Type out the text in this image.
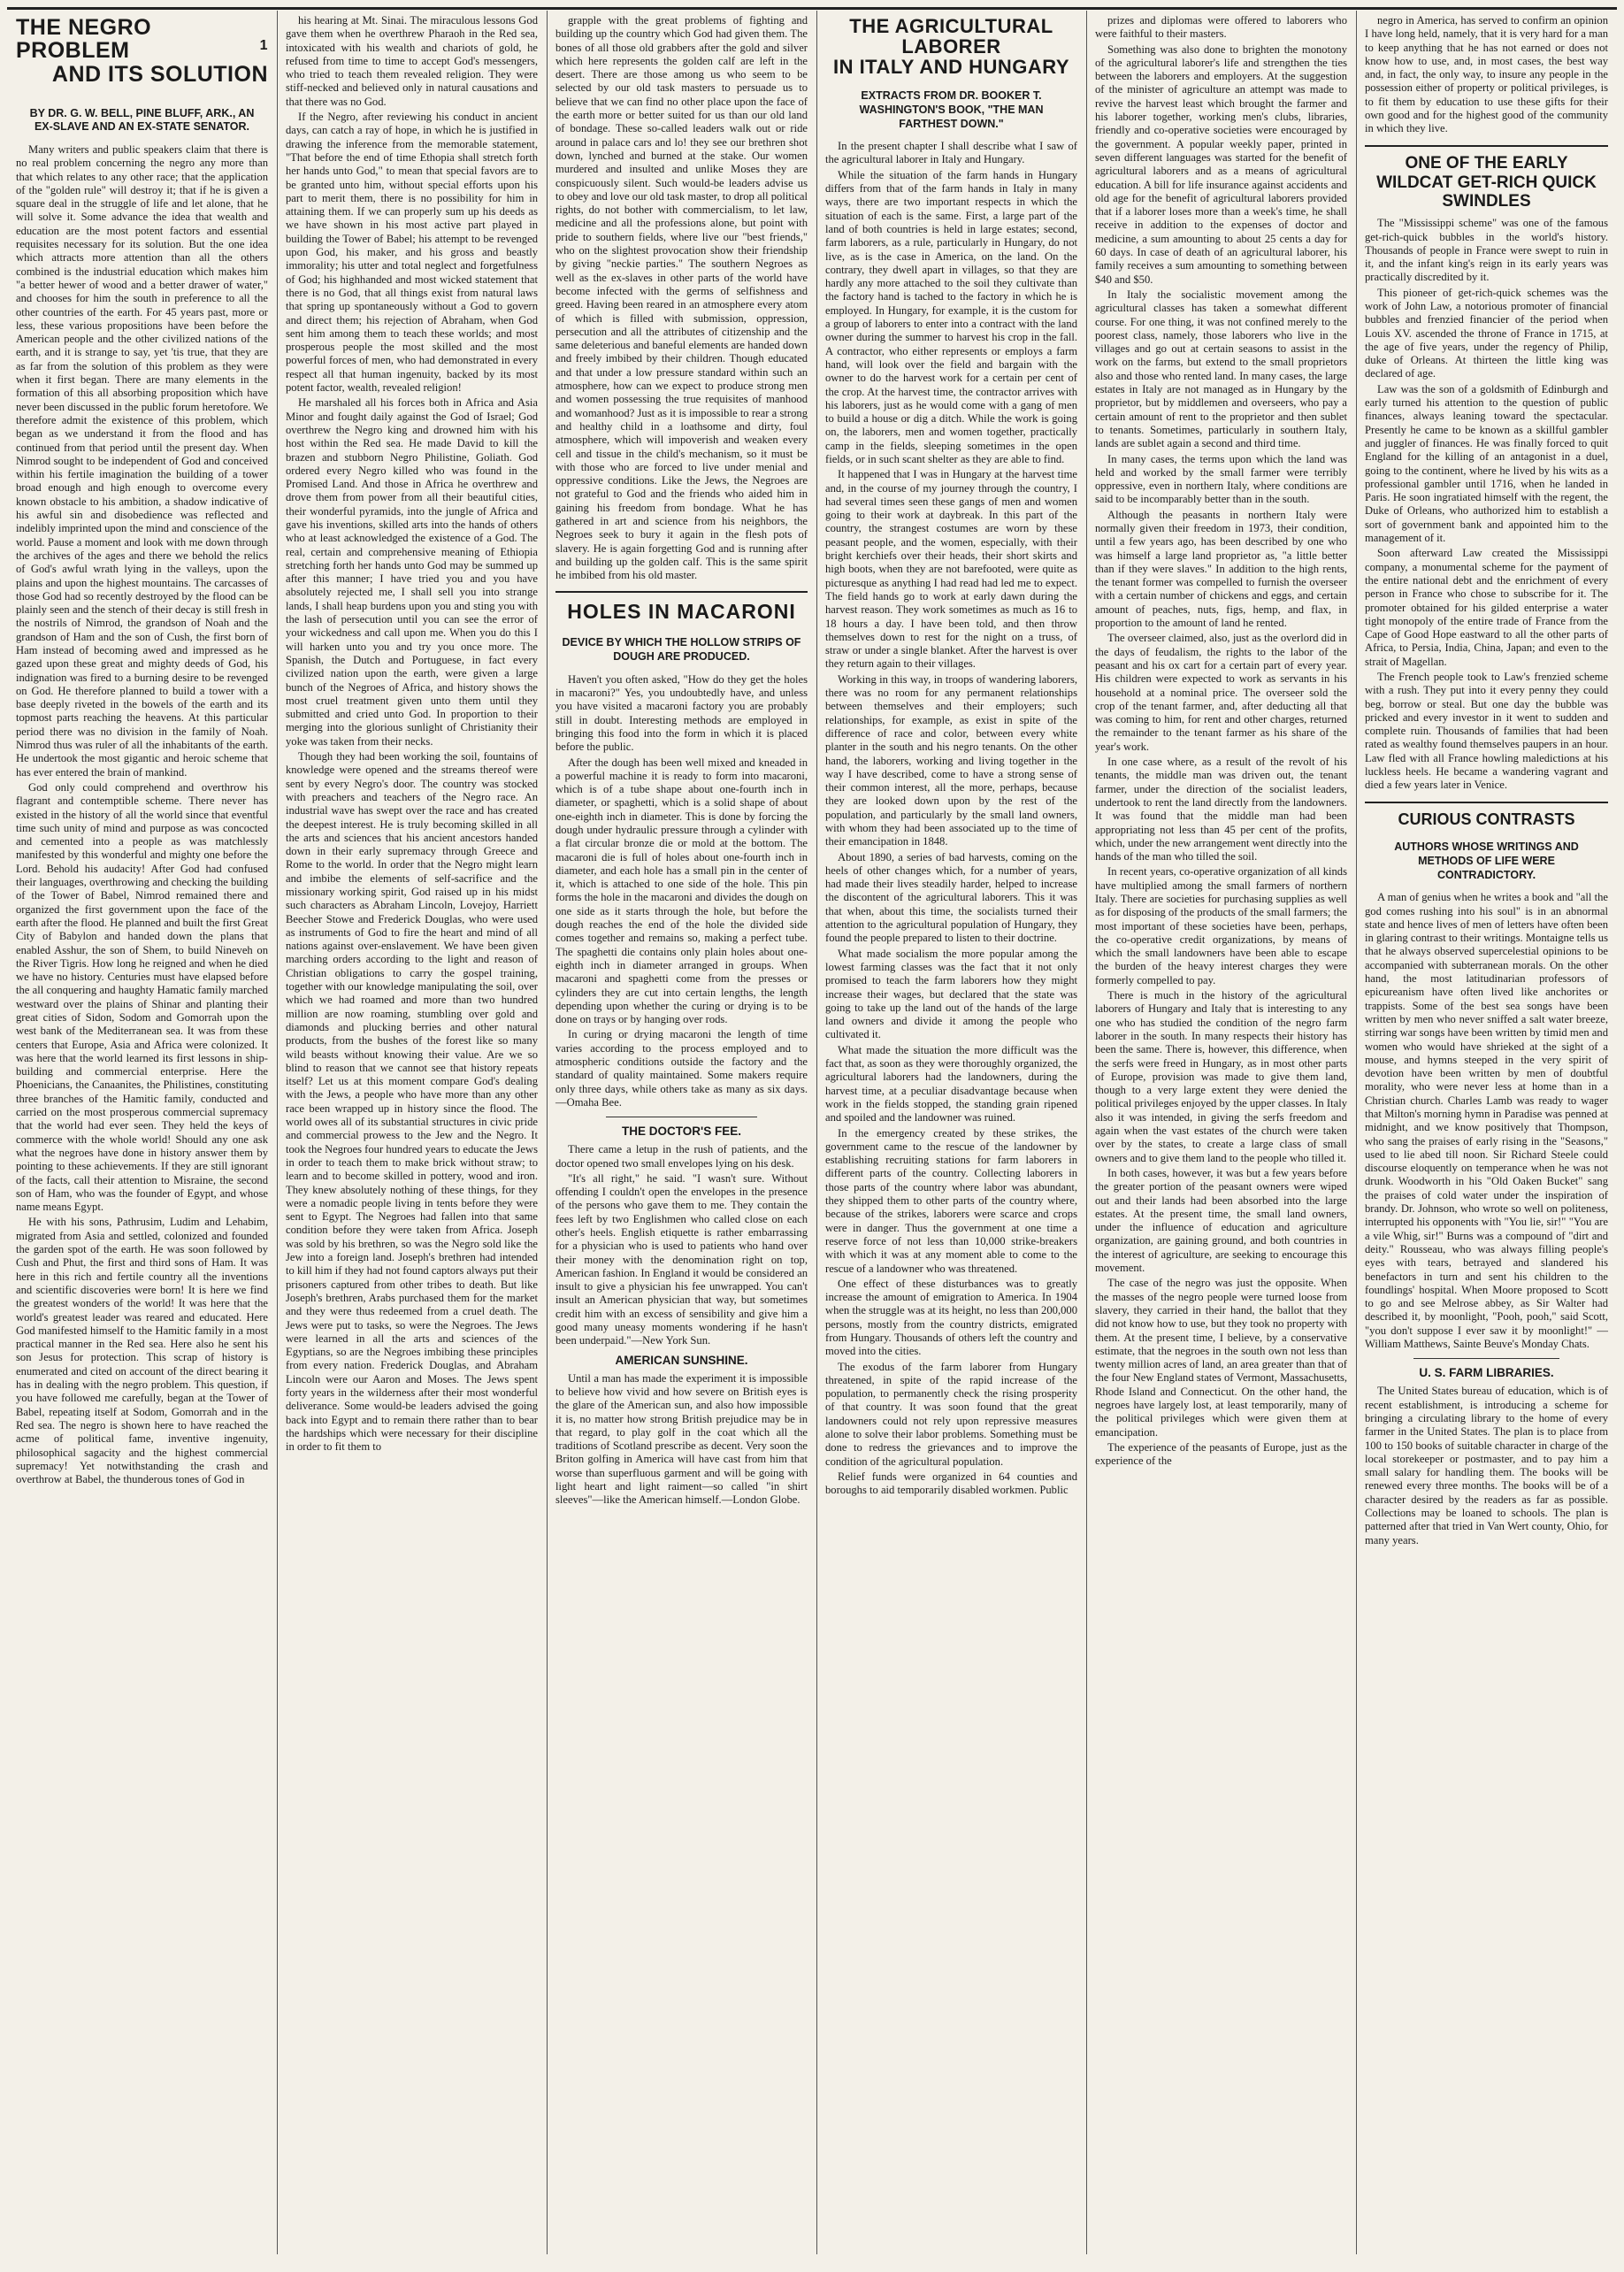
THE NEGRO PROBLEM	1
AND ITS SOLUTION
BY DR. G. W. BELL, PINE BLUFF, ARK., AN EX-SLAVE AND AN EX-STATE SENATOR.

Many writers and public speakers claim that there is no real problem concerning the negro any more than that which relates to any other race; that the application of the "golden rule" will destroy it; that if he is given a square deal in the struggle of life and let alone, that he will solve it. Some advance the idea that wealth and education are the most potent factors and essential requisites necessary for its solution. But the one idea which attracts more attention than all the others combined is the industrial education which makes him "a better hewer of wood and a better drawer of water," and chooses for him the south in preference to all the other countries of the earth. For 45 years past, more or less, these various propositions have been before the American people and the other civilized nations of the earth, and it is strange to say, yet 'tis true, that they are as far from the solution of this problem as they were when it first began. There are many elements in the formation of this all absorbing proposition which have never been discussed in the public forum heretofore. We therefore admit the existence of this problem, which began as we understand it from the flood and has continued from that period until the present day. When Nimrod sought to be independent of God and conceived within his fertile imagination the building of a tower broad enough and high enough to overcome every known obstacle to his ambition, a shadow indicative of his awful sin and disobedience was reflected and indelibly imprinted upon the mind and conscience of the world. Pause a moment and look with me down through the archives of the ages and there we behold the relics of God's awful wrath lying in the valleys, upon the plains and upon the highest mountains. The carcasses of those God had so recently destroyed by the flood can be plainly seen and the stench of their decay is still fresh in the nostrils of Nimrod, the grandson of Noah and the grandson of Ham and the son of Cush, the first born of Ham instead of becoming awed and impressed as he gazed upon these great and mighty deeds of God, his indignation was fired to a burning desire to be revenged on God. He therefore planned to build a tower with a base deeply riveted in the bowels of the earth and its topmost parts reaching the heavens. At this particular period there was no division in the family of Noah. Nimrod thus was ruler of all the inhabitants of the earth. He undertook the most gigantic and heroic scheme that has ever entered the brain of mankind.

God only could comprehend and overthrow his flagrant and contemptible scheme. There never has existed in the history of all the world since that eventful time such unity of mind and purpose as was concocted and cemented into a people as was matchlessly manifested by this wonderful and mighty one before the Lord. Behold his audacity! After God had confused their languages, overthrowing and checking the building of the Tower of Babel, Nimrod remained there and organized the first government upon the face of the earth after the flood. He planned and built the first Great City of Babylon and handed down the plans that enabled Asshur, the son of Shem, to build Nineveh on the River Tigris. How long he reigned and when he died we have no history. Centuries must have elapsed before the all conquering and haughty Hamatic family marched westward over the plains of Shinar and planting their great cities of Sidon, Sodom and Gomorrah upon the west bank of the Mediterranean sea. It was from these centers that Europe, Asia and Africa were colonized. It was here that the world learned its first lessons in ship-building and commercial enterprise. Here the Phoenicians, the Canaanites, the Philistines, constituting three branches of the Hamitic family, conducted and carried on the most prosperous commercial supremacy that the world had ever seen. They held the keys of commerce with the whole world! Should any one ask what the negroes have done in history answer them by pointing to these achievements. If they are still ignorant of the facts, call their attention to Misraine, the second son of Ham, who was the founder of Egypt, and whose name means Egypt.

He with his sons, Pathrusim, Ludim and Lehabim, migrated from Asia and settled, colonized and founded the garden spot of the earth. He was soon followed by Cush and Phut, the first and third sons of Ham. It was here in this rich and fertile country all the inventions and scientific discoveries were born! It is here we find the greatest wonders of the world! It was here that the world's greatest leader was reared and educated. Here God manifested himself to the Hamitic family in a most practical manner in the Red sea. Here also he sent his son Jesus for protection. This scrap of history is enumerated and cited on account of the direct bearing it has in dealing with the negro problem. This question, if you have followed me carefully, began at the Tower of Babel, repeating itself at Sodom, Gomorrah and in the Red sea. The negro is shown here to have reached the acme of political fame, inventive ingenuity, philosophical sagacity and the highest commercial supremacy! Yet notwithstanding the crash and overthrow at Babel, the thunderous tones of God in

his hearing at Mt. Sinai. The miraculous lessons God gave them when he overthrew Pharaoh in the Red sea, intoxicated with his wealth and chariots of gold, he refused from time to time to accept God's messengers, who tried to teach them revealed religion. They were stiff-necked and believed only in natural causations and that there was no God.

If the Negro, after reviewing his conduct in ancient days, can catch a ray of hope, in which he is justified in drawing the inference from the memorable statement, "That before the end of time Ethopia shall stretch forth her hands unto God," to mean that special favors are to be granted unto him, without special efforts upon his part to merit them, there is no possibility for him in attaining them. If we can properly sum up his deeds as we have shown in his most active part played in building the Tower of Babel; his attempt to be revenged upon God, his maker, and his gross and beastly immorality; his utter and total neglect and forgetfulness of God; his highhanded and most wicked statement that there is no God, that all things exist from natural laws that spring up spontaneously without a God to govern and direct them; his rejection of Abraham, when God sent him among them to teach these worlds; and most prosperous people the most skilled and the most powerful forces of men, who had demonstrated in every respect all that human ingenuity, backed by its most potent factor, wealth, revealed religion!

He marshaled all his forces both in Africa and Asia Minor and fought daily against the God of Israel; God overthrew the Negro king and drowned him with his host within the Red sea. He made David to kill the brazen and stubborn Negro Philistine, Goliath. God ordered every Negro killed who was found in the Promised Land. And those in Africa he overthrew and drove them from power from all their beautiful cities, their wonderful pyramids, into the jungle of Africa and gave his inventions, skilled arts into the hands of others who at least acknowledged the existence of a God. The real, certain and comprehensive meaning of Ethiopia stretching forth her hands unto God may be summed up after this manner; I have tried you and you have absolutely rejected me, I shall sell you into strange lands, I shall heap burdens upon you and sting you with the lash of persecution until you can see the error of your wickedness and call upon me. When you do this I will harken unto you and try you once more. The Spanish, the Dutch and Portuguese, in fact every civilized nation upon the earth, were given a large bunch of the Negroes of Africa, and history shows the most cruel treatment given unto them until they submitted and cried unto God. In proportion to their merging into the glorious sunlight of Christianity their yoke was taken from their necks.

Though they had been working the soil, fountains of knowledge were opened and the streams thereof were sent by every Negro's door. The country was stocked with preachers and teachers of the Negro race. An industrial wave has swept over the race and has created the deepest interest. He is truly becoming skilled in all the arts and sciences that his ancient ancestors handed down in their early supremacy through Greece and Rome to the world. In order that the Negro might learn and imbibe the elements of self-sacrifice and the missionary working spirit, God raised up in his midst such characters as Abraham Lincoln, Lovejoy, Harriett Beecher Stowe and Frederick Douglas, who were used as instruments of God to fire the heart and mind of all nations against over-enslavement. We have been given marching orders according to the light and reason of Christian obligations to carry the gospel training, together with our knowledge manipulating the soil, over which we had roamed and more than two hundred million are now roaming, stumbling over gold and diamonds and plucking berries and other natural products, from the bushes of the forest like so many wild beasts without knowing their value. Are we so blind to reason that we cannot see that history repeats itself? Let us at this moment compare God's dealing with the Jews, a people who have more than any other race been wrapped up in history since the flood. The world owes all of its substantial structures in civic pride and commercial prowess to the Jew and the Negro. It took the Negroes four hundred years to educate the Jews in order to teach them to make brick without straw; to learn and to become skilled in pottery, wood and iron. They knew absolutely nothing of these things, for they were a nomadic people living in tents before they were sent to Egypt. The Negroes had fallen into that same condition before they were taken from Africa. Joseph was sold by his brethren, so was the Negro sold like the Jew into a foreign land. Joseph's brethren had intended to kill him if they had not found captors always put their prisoners captured from other tribes to death. But like Joseph's brethren, Arabs purchased them for the market and they were thus redeemed from a cruel death. The Jews were put to tasks, so were the Negroes. The Jews were learned in all the arts and sciences of the Egyptians, so are the Negroes imbibing these principles from every nation. Frederick Douglas, and Abraham Lincoln were our Aaron and Moses. The Jews spent forty years in the wilderness after their most wonderful deliverance. Some would-be leaders advised the going back into Egypt and to remain there rather than to bear the hardships which were necessary for their discipline in order to fit them to

grapple with the great problems of fighting and building up the country which God had given them. The bones of all those old grabbers after the gold and silver which here represents the golden calf are left in the desert. There are those among us who seem to be selected by our old task masters to persuade us to believe that we can find no other place upon the face of the earth more or better suited for us than our old land of bondage. These so-called leaders walk out or ride around in palace cars and lo! they see our brethren shot down, lynched and burned at the stake. Our women murdered and insulted and unlike Moses they are conspicuously silent. Such would-be leaders advise us to obey and love our old task master, to drop all political rights, do not bother with commercialism, to let law, medicine and all the professions alone, but point with pride to southern fields, where live our "best friends," who on the slightest provocation show their friendship by giving "neckie parties." The southern Negroes as well as the ex-slaves in other parts of the world have become infected with the germs of selfishness and greed. Having been reared in an atmosphere every atom of which is filled with submission, oppression, persecution and all the attributes of citizenship and the same deleterious and baneful elements are handed down and freely imbibed by their children. Though educated and that under a low pressure standard within such an atmosphere, how can we expect to produce strong men and women possessing the true requisites of manhood and womanhood? Just as it is impossible to rear a strong and healthy child in a loathsome and dirty, foul atmosphere, which will impoverish and weaken every cell and tissue in the child's mechanism, so it must be with those who are forced to live under menial and oppressive conditions. Like the Jews, the Negroes are not grateful to God and the friends who aided him in gaining his freedom from bondage. What he has gathered in art and science from his neighbors, the Negroes seek to bury it again in the flesh pots of slavery. He is again forgetting God and is running after and building up the golden calf. This is the same spirit he imbibed from his old master.

HOLES IN MACARONI
DEVICE BY WHICH THE HOLLOW STRIPS OF DOUGH ARE PRODUCED.

Haven't you often asked, "How do they get the holes in macaroni?" Yes, you undoubtedly have, and unless you have visited a macaroni factory you are probably still in doubt. Interesting methods are employed in bringing this food into the form in which it is placed before the public.

After the dough has been well mixed and kneaded in a powerful machine it is ready to form into macaroni, which is of a tube shape about one-fourth inch in diameter, or spaghetti, which is a solid shape of about one-eighth inch in diameter. This is done by forcing the dough under hydraulic pressure through a cylinder with a flat circular bronze die or mold at the bottom. The macaroni die is full of holes about one-fourth inch in diameter, and each hole has a small pin in the center of it, which is attached to one side of the hole. This pin forms the hole in the macaroni and divides the dough on one side as it starts through the hole, but before the dough reaches the end of the hole the divided side comes together and remains so, making a perfect tube. The spaghetti die contains only plain holes about one-eighth inch in diameter arranged in groups. When macaroni and spaghetti come from the presses or cylinders they are cut into certain lengths, the length depending upon whether the curing or drying is to be done on trays or by hanging over rods.

In curing or drying macaroni the length of time varies according to the process employed and to atmospheric conditions outside the factory and the standard of quality maintained. Some makers require only three days, while others take as many as six days.—Omaha Bee.

THE DOCTOR'S FEE.

There came a letup in the rush of patients, and the doctor opened two small envelopes lying on his desk.

"It's all right," he said. "I wasn't sure. Without offending I couldn't open the envelopes in the presence of the persons who gave them to me. They contain the fees left by two Englishmen who called close on each other's heels. English etiquette is rather embarrassing for a physician who is used to patients who hand over their money with the denomination right on top, American fashion. In England it would be considered an insult to give a physician his fee unwrapped. You can't insult an American physician that way, but sometimes credit him with an excess of sensibility and give him a good many uneasy moments wondering if he hasn't been underpaid."—New York Sun.

AMERICAN SUNSHINE.

Until a man has made the experiment it is impossible to believe how vivid and how severe on British eyes is the glare of the American sun, and also how impossible it is, no matter how strong British prejudice may be in that regard, to play golf in the coat which all the traditions of Scotland prescribe as decent. Very soon the Briton golfing in America will have cast from him that worse than superfluous garment and will be going with light heart and light raiment—so called "in shirt sleeves"—like the American himself.—London Globe.

THE AGRICULTURAL LABORER
IN ITALY AND HUNGARY
EXTRACTS FROM DR. BOOKER T. WASHINGTON'S BOOK, "THE MAN FARTHEST DOWN."

In the present chapter I shall describe what I saw of the agricultural laborer in Italy and Hungary.

While the situation of the farm hands in Hungary differs from that of the farm hands in Italy in many ways, there are two important respects in which the situation of each is the same. First, a large part of the land of both countries is held in large estates; second, farm laborers, as a rule, particularly in Hungary, do not live, as is the case in America, on the land. On the contrary, they dwell apart in villages, so that they are hardly any more attached to the soil they cultivate than the factory hand is tached to the factory in which he is employed. In Hungary, for example, it is the custom for a group of laborers to enter into a contract with the land owner during the summer to harvest his crop in the fall. A contractor, who either represents or employs a farm hand, will look over the field and bargain with the owner to do the harvest work for a certain per cent of the crop. At the harvest time, the contractor arrives with his laborers, just as he would come with a gang of men to build a house or dig a ditch. While the work is going on, the laborers, men and women together, practically camp in the fields, sleeping sometimes in the open fields, or in such scant shelter as they are able to find.

It happened that I was in Hungary at the harvest time and, in the course of my journey through the country, I had several times seen these gangs of men and women going to their work at daybreak. In this part of the country, the strangest costumes are worn by these peasant people, and the women, especially, with their bright kerchiefs over their heads, their short skirts and high boots, when they are not barefooted, were quite as picturesque as anything I had read had led me to expect. The field hands go to work at early dawn during the harvest reason. They work sometimes as much as 16 to 18 hours a day. I have been told, and then throw themselves down to rest for the night on a truss, of straw or under a single blanket. After the harvest is over they return again to their villages.

Working in this way, in troops of wandering laborers, there was no room for any permanent relationships between themselves and their employers; such relationships, for example, as exist in spite of the difference of race and color, between every white planter in the south and his negro tenants. On the other hand, the laborers, working and living together in the way I have described, come to have a strong sense of their common interest, all the more, perhaps, because they are looked down upon by the rest of the population, and particularly by the small land owners, with whom they had been associated up to the time of their emancipation in 1848.

About 1890, a series of bad harvests, coming on the heels of other changes which, for a number of years, had made their lives steadily harder, helped to increase the discontent of the agricultural laborers. This it was that when, about this time, the socialists turned their attention to the agricultural population of Hungary, they found the people prepared to listen to their doctrine.

What made socialism the more popular among the lowest farming classes was the fact that it not only promised to teach the farm laborers how they might increase their wages, but declared that the state was going to take up the land out of the hands of the large land owners and divide it among the people who cultivated it.

What made the situation the more difficult was the fact that, as soon as they were thoroughly organized, the agricultural laborers had the landowners, during the harvest time, at a peculiar disadvantage because when work in the fields stopped, the standing grain ripened and spoiled and the landowner was ruined.

In the emergency created by these strikes, the government came to the rescue of the landowner by establishing recruiting stations for farm laborers in different parts of the country. Collecting laborers in those parts of the country where labor was abundant, they shipped them to other parts of the country where, because of the strikes, laborers were scarce and crops were in danger. Thus the government at one time a reserve force of not less than 10,000 strike-breakers with which it was at any moment able to come to the rescue of a landowner who was threatened.

One effect of these disturbances was to greatly increase the amount of emigration to America. In 1904 when the struggle was at its height, no less than 200,000 persons, mostly from the country districts, emigrated from Hungary. Thousands of others left the country and moved into the cities.

The exodus of the farm laborer from Hungary threatened, in spite of the rapid increase of the population, to permanently check the rising prosperity of that country. It was soon found that the great landowners could not rely upon repressive measures alone to solve their labor problems. Something must be done to redress the grievances and to improve the condition of the agricultural population.

Relief funds were organized in 64 counties and boroughs to aid temporarily disabled workmen. Public

prizes and diplomas were offered to laborers who were faithful to their masters.

Something was also done to brighten the monotony of the agricultural laborer's life and strengthen the ties between the laborers and employers. At the suggestion of the minister of agriculture an attempt was made to revive the harvest least which brought the farmer and his laborer together, working men's clubs, libraries, friendly and co-operative societies were encouraged by the government. A popular weekly paper, printed in seven different languages was started for the benefit of agricultural laborers and as a means of agricultural education. A bill for life insurance against accidents and old age for the benefit of agricultural laborers provided that if a laborer loses more than a week's time, he shall receive in addition to the expenses of doctor and medicine, a sum amounting to about 25 cents a day for 60 days. In case of death of an agricultural laborer, his family receives a sum amounting to something between $40 and $50.

In Italy the socialistic movement among the agricultural classes has taken a somewhat different course. For one thing, it was not confined merely to the poorest class, namely, those laborers who live in the villages and go out at certain seasons to assist in the work on the farms, but extend to the small proprietors also and those who rented land. In many cases, the large estates in Italy are not managed as in Hungary by the proprietor, but by middlemen and overseers, who pay a certain amount of rent to the proprietor and then sublet to tenants. Sometimes, particularly in southern Italy, lands are sublet again a second and third time.

In many cases, the terms upon which the land was held and worked by the small farmer were terribly oppressive, even in northern Italy, where conditions are said to be incomparably better than in the south.

Although the peasants in northern Italy were normally given their freedom in 1973, their condition, until a few years ago, has been described by one who was himself a large land proprietor as, "a little better than if they were slaves." In addition to the high rents, the tenant former was compelled to furnish the overseer with a certain number of chickens and eggs, and certain amount of peaches, nuts, figs, hemp, and flax, in proportion to the amount of land he rented.

The overseer claimed, also, just as the overlord did in the days of feudalism, the rights to the labor of the peasant and his ox cart for a certain part of every year. His children were expected to work as servants in his household at a nominal price. The overseer sold the crop of the tenant farmer, and, after deducting all that was coming to him, for rent and other charges, returned the remainder to the tenant farmer as his share of the year's work.

In one case where, as a result of the revolt of his tenants, the middle man was driven out, the tenant farmer, under the direction of the socialist leaders, undertook to rent the land directly from the landowners. It was found that the middle man had been appropriating not less than 45 per cent of the profits, which, under the new arrangement went directly into the hands of the man who tilled the soil.

In recent years, co-operative organization of all kinds have multiplied among the small farmers of northern Italy. There are societies for purchasing supplies as well as for disposing of the products of the small farmers; the most important of these societies have been, perhaps, the co-operative credit organizations, by means of which the small landowners have been able to escape the burden of the heavy interest charges they were formerly compelled to pay.

There is much in the history of the agricultural laborers of Hungary and Italy that is interesting to any one who has studied the condition of the negro farm laborer in the south. In many respects their history has been the same. There is, however, this difference, when the serfs were freed in Hungary, as in most other parts of Europe, provision was made to give them land, though to a very large extent they were denied the political privileges enjoyed by the upper classes. In Italy also it was intended, in giving the serfs freedom and again when the vast estates of the church were taken over by the states, to create a large class of small owners and to give them land to the people who tilled it.

In both cases, however, it was but a few years before the greater portion of the peasant owners were wiped out and their lands had been absorbed into the large estates. At the present time, the small land owners, under the influence of education and agriculture organization, are gaining ground, and both countries in the interest of agriculture, are seeking to encourage this movement.

The case of the negro was just the opposite. When the masses of the negro people were turned loose from slavery, they carried in their hand, the ballot that they did not know how to use, but they took no property with them. At the present time, I believe, by a conservative estimate, that the negroes in the south own not less than twenty million acres of land, an area greater than that of the four New England states of Vermont, Massachusetts, Rhode Island and Connecticut. On the other hand, the negroes have largely lost, at least temporarily, many of the political privileges which were given them at emancipation.

The experience of the peasants of Europe, just as the experience of the

negro in America, has served to confirm an opinion I have long held, namely, that it is very hard for a man to keep anything that he has not earned or does not know how to use, and, in most cases, the best way and, in fact, the only way, to insure any people in the possession either of property or political privileges, is to fit them by education to use these gifts for their own good and for the highest good of the community in which they live.

ONE OF THE EARLY WILDCAT GET-RICH QUICK SWINDLES

The "Mississippi scheme" was one of the famous get-rich-quick bubbles in the world's history. Thousands of people in France were swept to ruin in it, and the infant king's reign in its early years was practically discredited by it.

This pioneer of get-rich-quick schemes was the work of John Law, a notorious promoter of financial bubbles and frenzied financier of the period when Louis XV. ascended the throne of France in 1715, at the age of five years, under the regency of Philip, duke of Orleans. At thirteen the little king was declared of age.

Law was the son of a goldsmith of Edinburgh and early turned his attention to the question of public finances, always leaning toward the spectacular. Presently he came to be known as a skillful gambler and juggler of finances. He was finally forced to quit England for the killing of an antagonist in a duel, going to the continent, where he lived by his wits as a professional gambler until 1716, when he landed in Paris. He soon ingratiated himself with the regent, the Duke of Orleans, who authorized him to establish a sort of government bank and appointed him to the management of it.

Soon afterward Law created the Mississippi company, a monumental scheme for the payment of the entire national debt and the enrichment of every person in France who chose to subscribe for it. The promoter obtained for his gilded enterprise a water tight monopoly of the entire trade of France from the Cape of Good Hope eastward to all the other parts of Africa, to Persia, India, China, Japan; and even to the strait of Magellan.

The French people took to Law's frenzied scheme with a rush. They put into it every penny they could beg, borrow or steal. But one day the bubble was pricked and every investor in it went to sudden and complete ruin. Thousands of families that had been rated as wealthy found themselves paupers in an hour. Law fled with all France howling maledictions at his luckless heels. He became a wandering vagrant and died a few years later in Venice.

CURIOUS CONTRASTS
AUTHORS WHOSE WRITINGS AND METHODS OF LIFE WERE CONTRADICTORY.

A man of genius when he writes a book and "all the god comes rushing into his soul" is in an abnormal state and hence lives of men of letters have often been in glaring contrast to their writings. Montaigne tells us that he always observed supercelestial opinions to be accompanied with subterranean morals. On the other hand, the most latitudinarian professors of epicureanism have often lived like anchorites or trappists. Some of the best sea songs have been written by men who never sniffed a salt water breeze, stirring war songs have been written by timid men and women who would have shrieked at the sight of a mouse, and hymns steeped in the very spirit of devotion have been written by men of doubtful morality, who were never less at home than in a Christian church. Charles Lamb was ready to wager that Milton's morning hymn in Paradise was penned at midnight, and we know positively that Thompson, who sang the praises of early rising in the "Seasons," used to lie abed till noon. Sir Richard Steele could discourse eloquently on temperance when he was not drunk. Woodworth in his "Old Oaken Bucket" sang the praises of cold water under the inspiration of brandy. Dr. Johnson, who wrote so well on politeness, interrupted his opponents with "You lie, sir!" "You are a vile Whig, sir!" Burns was a compound of "dirt and deity." Rousseau, who was always filling people's eyes with tears, betrayed and slandered his benefactors in turn and sent his children to the foundlings' hospital. When Moore proposed to Scott to go and see Melrose abbey, as Sir Walter had described it, by moonlight, "Pooh, pooh," said Scott, "you don't suppose I ever saw it by moonlight!" —William Matthews, Sainte Beuve's Monday Chats.

U. S. FARM LIBRARIES.

The United States bureau of education, which is of recent establishment, is introducing a scheme for bringing a circulating library to the home of every farmer in the United States. The plan is to place from 100 to 150 books of suitable character in charge of the local storekeeper or postmaster, and to pay him a small salary for handling them. The books will be renewed every three months. The books will be of a character desired by the readers as far as possible. Collections may be loaned to schools. The plan is patterned after that tried in Van Wert county, Ohio, for many years.
